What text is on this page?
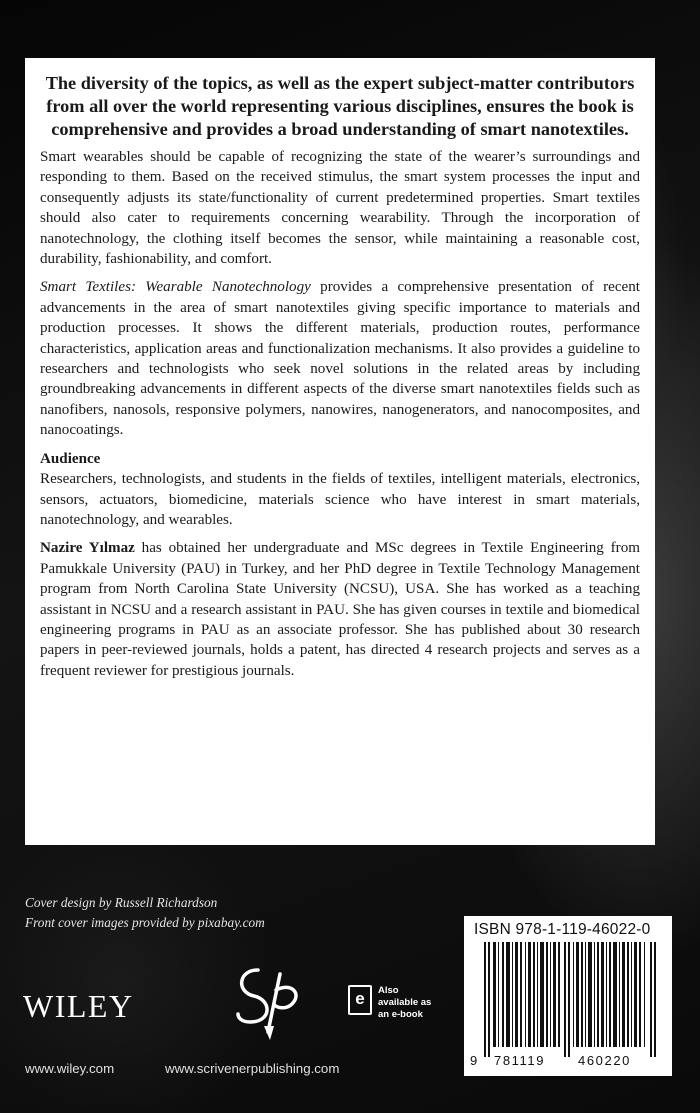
The diversity of the topics, as well as the expert subject-matter contributors from all over the world representing various disciplines, ensures the book is comprehensive and provides a broad understanding of smart nanotextiles.

Smart wearables should be capable of recognizing the state of the wearer’s surroundings and responding to them. Based on the received stimulus, the smart system processes the input and consequently adjusts its state/functionality of current predetermined properties. Smart textiles should also cater to requirements concerning wearability. Through the incorporation of nanotechnology, the clothing itself becomes the sensor, while maintaining a reasonable cost, durability, fashionability, and comfort.

Smart Textiles: Wearable Nanotechnology provides a comprehensive presentation of recent advancements in the area of smart nanotextiles giving specific importance to materials and production processes. It shows the different materials, production routes, performance characteristics, application areas and functionalization mechanisms. It also provides a guideline to researchers and technologists who seek novel solutions in the related areas by including groundbreaking advancements in different aspects of the diverse smart nanotextiles fields such as nanofibers, nanosols, responsive polymers, nanowires, nanogenerators, and nanocomposites, and nanocoatings.

Audience

Researchers, technologists, and students in the fields of textiles, intelligent materials, electronics, sensors, actuators, biomedicine, materials science who have interest in smart materials, nanotechnology, and wearables.

Nazire Yılmaz has obtained her undergraduate and MSc degrees in Textile Engineering from Pamukkale University (PAU) in Turkey, and her PhD degree in Textile Technology Management program from North Carolina State University (NCSU), USA. She has worked as a teaching assistant in NCSU and a research assistant in PAU. She has given courses in textile and biomedical engineering programs in PAU as an associate professor. She has published about 30 research papers in peer-reviewed journals, holds a patent, has directed 4 research projects and serves as a frequent reviewer for prestigious journals.

Cover design by Russell Richardson
Front cover images provided by pixabay.com
WILEY
www.wiley.com	www.scrivenerpublishing.com
e	Also available as an e-book
ISBN 978-1-119-46022-0
9 781119	460220
